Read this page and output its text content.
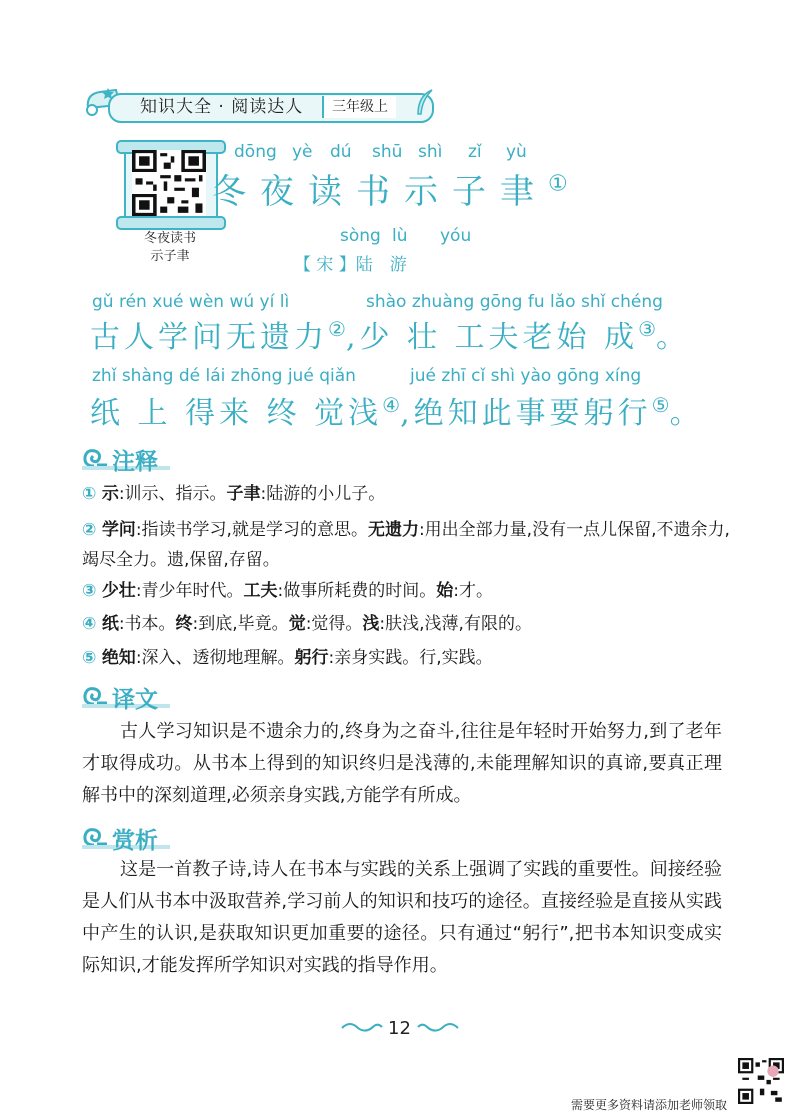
知识大全 · 阅读达人	三年级上
冬夜读书
示子聿
dōng yè dú shū shì zǐ yù
冬夜读书示子聿①
sòng lù yóu
【 宋 】陆　游
gǔ rén xué wèn wú yí lì	shào zhuàng gōng fu lǎo shǐ chéng
古人学问无遗力②,少 壮 工夫老始 成③。
zhǐ shàng dé lái zhōng jué qiǎn	jué zhī cǐ shì yào gōng xíng
纸 上 得来 终 觉浅④,绝知此事要躬行⑤。
注释
① 示:训示、指示。子聿:陆游的小儿子。
② 学问:指读书学习,就是学习的意思。无遗力:用出全部力量,没有一点儿保留,不遗余力,竭尽全力。遗,保留,存留。
③ 少壮:青少年时代。工夫:做事所耗费的时间。始:才。
④ 纸:书本。终:到底,毕竟。觉:觉得。浅:肤浅,浅薄,有限的。
⑤ 绝知:深入、透彻地理解。躬行:亲身实践。行,实践。
译文
古人学习知识是不遗余力的,终身为之奋斗,往往是年轻时开始努力,到了老年才取得成功。从书本上得到的知识终归是浅薄的,未能理解知识的真谛,要真正理解书中的深刻道理,必须亲身实践,方能学有所成。
赏析
这是一首教子诗,诗人在书本与实践的关系上强调了实践的重要性。间接经验是人们从书本中汲取营养,学习前人的知识和技巧的途径。直接经验是直接从实践中产生的认识,是获取知识更加重要的途径。只有通过“躬行”,把书本知识变成实际知识,才能发挥所学知识对实践的指导作用。
12
需要更多资料请添加老师领取
